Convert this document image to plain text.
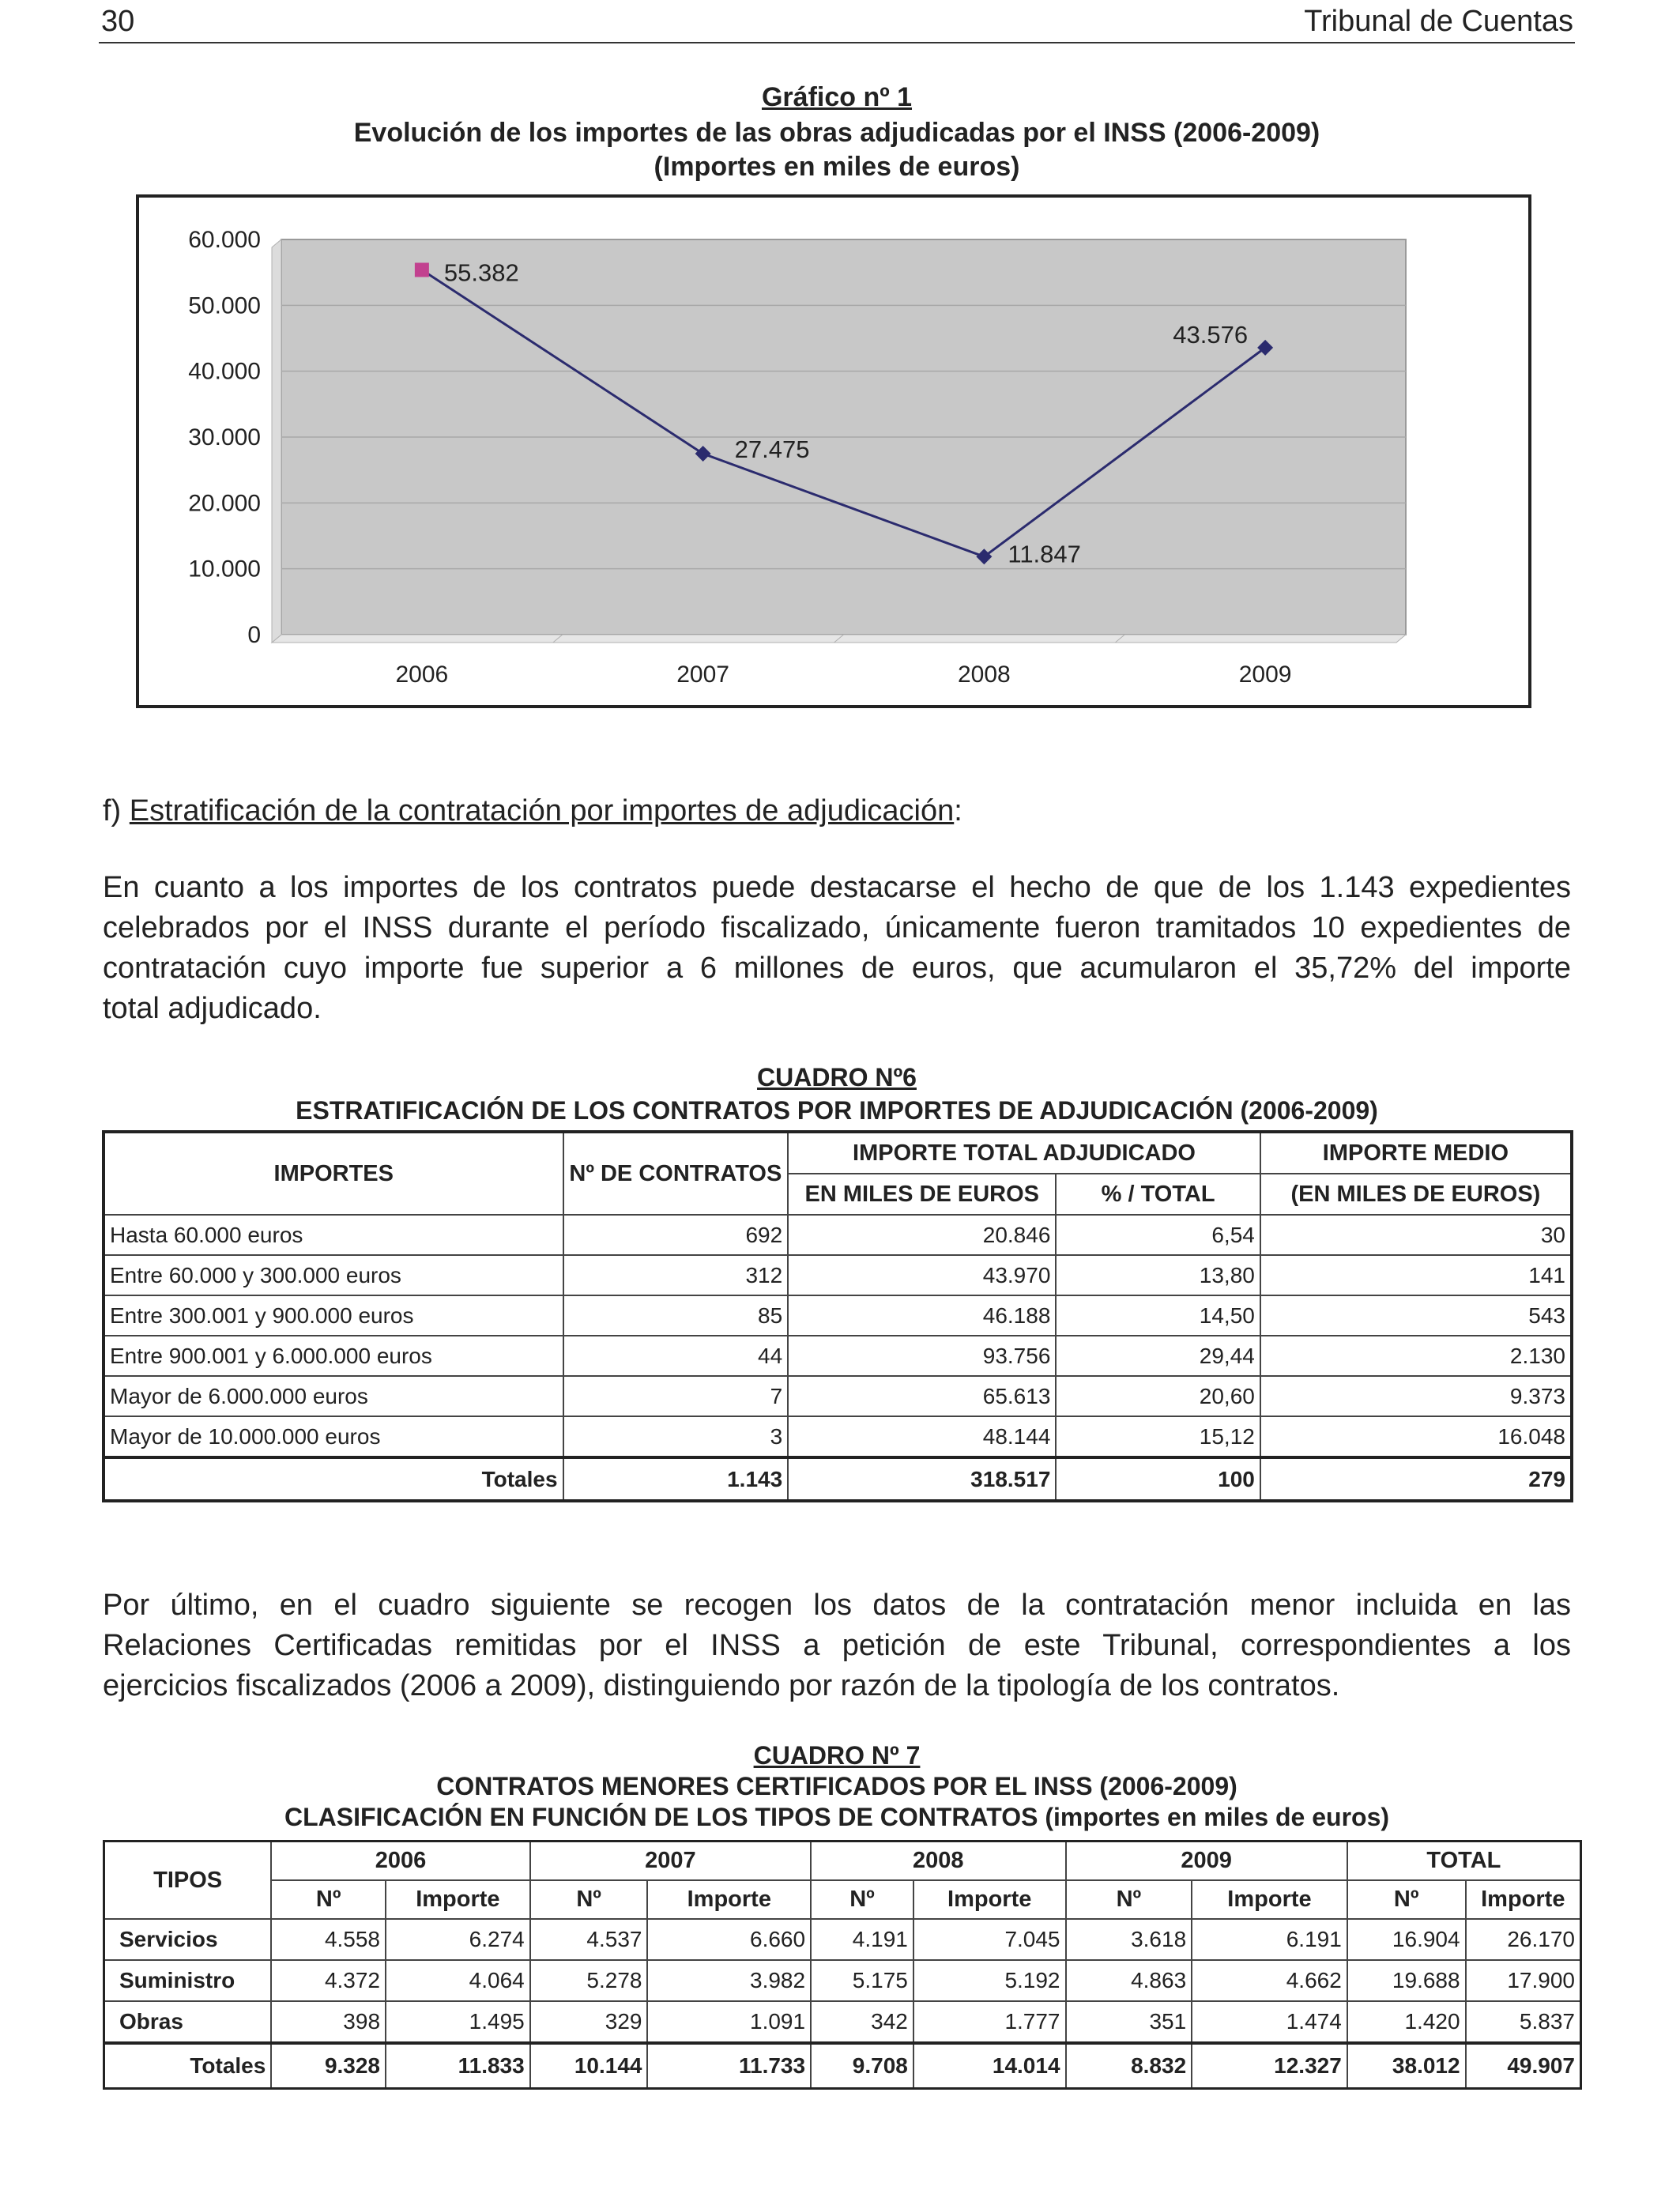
30	Tribunal de Cuentas
Gráfico nº 1
Evolución de los importes de las obras adjudicadas por el INSS (2006-2009)
(Importes en miles de euros)
0
10.000
20.000
30.000
40.000
50.000
60.000
2006	2007	2008	2009
55.382
27.475
11.847
43.576
f) Estratificación de la contratación por importes de adjudicación:
En cuanto a los importes de los contratos puede destacarse el hecho de que de los 1.143 expedientes
celebrados por el INSS durante el período fiscalizado, únicamente fueron tramitados 10 expedientes de
contratación cuyo importe fue superior a 6 millones de euros, que acumularon el 35,72% del importe
total adjudicado.
CUADRO Nº6
ESTRATIFICACIÓN DE LOS CONTRATOS POR IMPORTES DE ADJUDICACIÓN (2006-2009)
IMPORTES	Nº DE CONTRATOS	IMPORTE TOTAL ADJUDICADO		IMPORTE MEDIO
		EN MILES DE EUROS	% / TOTAL	(EN MILES DE EUROS)
Hasta 60.000 euros	692	20.846	6,54	30
Entre 60.000 y 300.000 euros	312	43.970	13,80	141
Entre 300.001 y 900.000 euros	85	46.188	14,50	543
Entre 900.001 y 6.000.000 euros	44	93.756	29,44	2.130
Mayor de 6.000.000 euros	7	65.613	20,60	9.373
Mayor de 10.000.000 euros	3	48.144	15,12	16.048
Totales	1.143	318.517	100	279
Por último, en el cuadro siguiente se recogen los datos de la contratación menor incluida en las
Relaciones Certificadas remitidas por el INSS a petición de este Tribunal, correspondientes a los
ejercicios fiscalizados (2006 a 2009), distinguiendo por razón de la tipología de los contratos.
CUADRO Nº 7
CONTRATOS MENORES CERTIFICADOS POR EL INSS (2006-2009)
CLASIFICACIÓN EN FUNCIÓN DE LOS TIPOS DE CONTRATOS (importes en miles de euros)
TIPOS	2006		2007		2008		2009		TOTAL	
	Nº	Importe	Nº	Importe	Nº	Importe	Nº	Importe	Nº	Importe
Servicios	4.558	6.274	4.537	6.660	4.191	7.045	3.618	6.191	16.904	26.170
Suministro	4.372	4.064	5.278	3.982	5.175	5.192	4.863	4.662	19.688	17.900
Obras	398	1.495	329	1.091	342	1.777	351	1.474	1.420	5.837
Totales	9.328	11.833	10.144	11.733	9.708	14.014	8.832	12.327	38.012	49.907
